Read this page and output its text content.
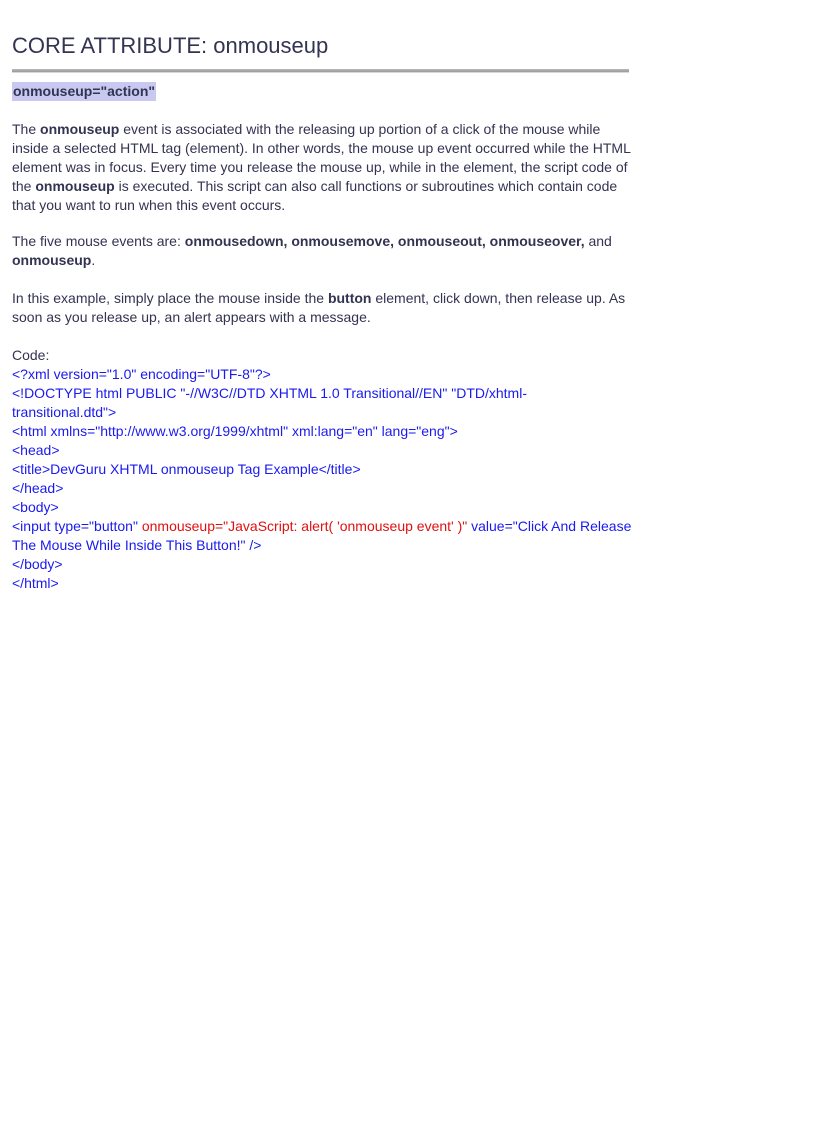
CORE ATTRIBUTE: onmouseup
onmouseup="action"
The onmouseup event is associated with the releasing up portion of a click of the mouse while inside a selected HTML tag (element). In other words, the mouse up event occurred while the HTML element was in focus. Every time you release the mouse up, while in the element, the script code of the onmouseup is executed. This script can also call functions or subroutines which contain code that you want to run when this event occurs.
The five mouse events are: onmousedown, onmousemove, onmouseout, onmouseover, and onmouseup.
In this example, simply place the mouse inside the button element, click down, then release up. As soon as you release up, an alert appears with a message.
Code:
<?xml version="1.0" encoding="UTF-8"?>
<!DOCTYPE html PUBLIC "-//W3C//DTD XHTML 1.0 Transitional//EN" "DTD/xhtml-
transitional.dtd">
<html xmlns="http://www.w3.org/1999/xhtml" xml:lang="en" lang="eng">
<head>
<title>DevGuru XHTML onmouseup Tag Example</title>
</head>
<body>
<input type="button" onmouseup="JavaScript: alert( 'onmouseup event' )" value="Click And Release The Mouse While Inside This Button!" />
</body>
</html>
